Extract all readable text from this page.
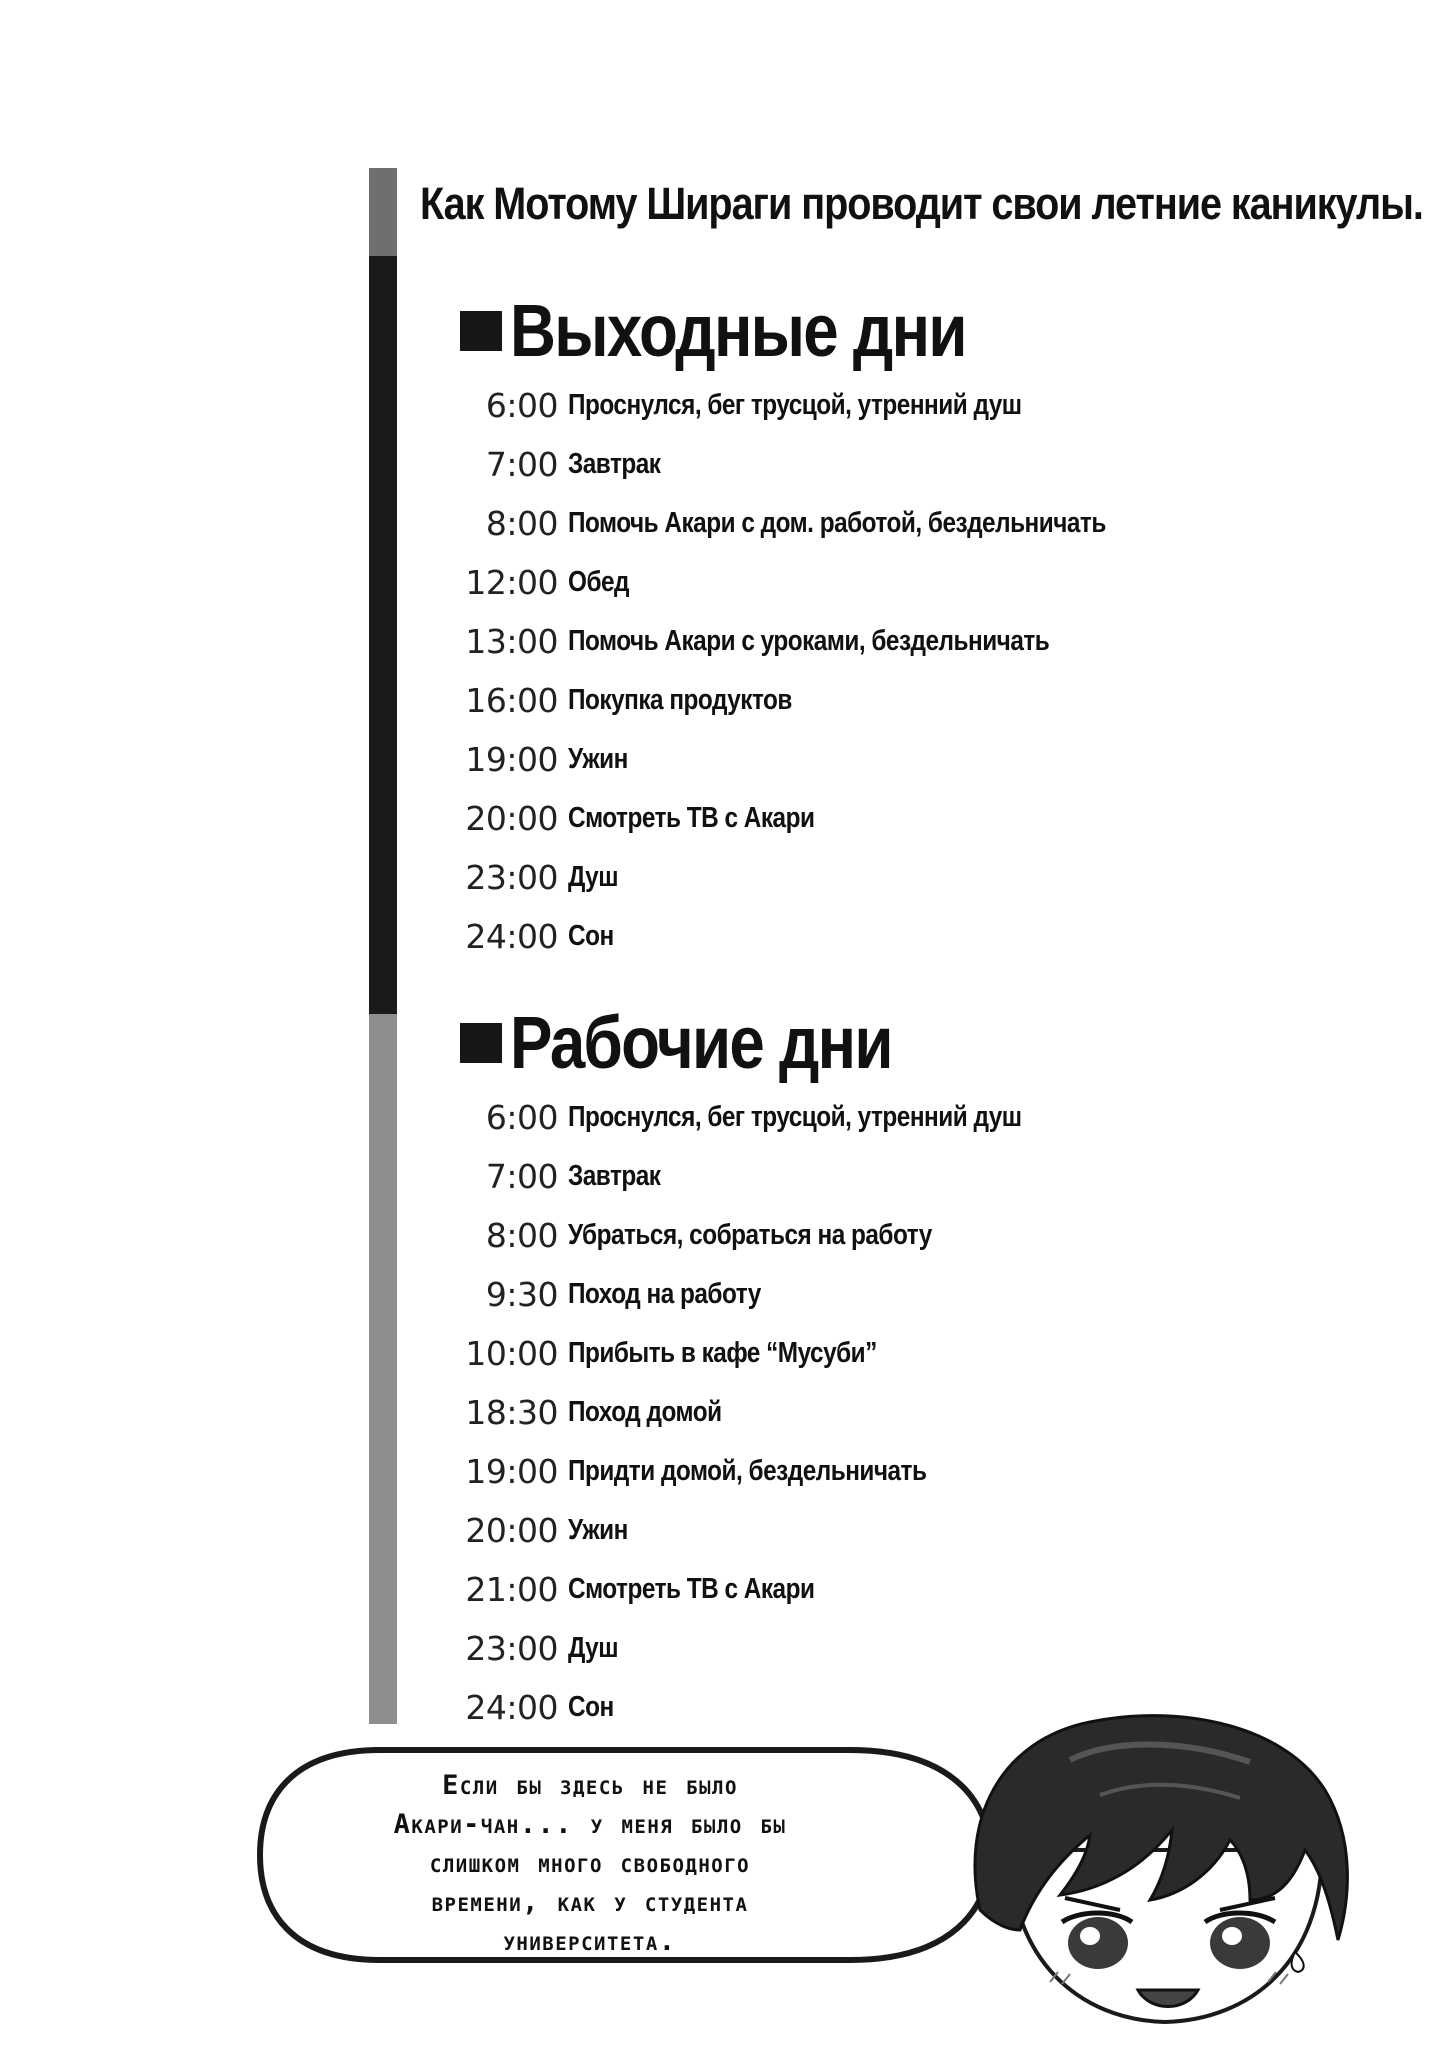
Как Мотому Шираги проводит свои летние каникулы.
Выходные дни
6:00 Проснулся, бег трусцой, утренний душ
7:00 Завтрак
8:00 Помочь Акари с дом. работой, бездельничать
12:00 Обед
13:00 Помочь Акари с уроками, бездельничать
16:00 Покупка продуктов
19:00 Ужин
20:00 Смотреть ТВ с Акари
23:00 Душ
24:00 Сон
Рабочие дни
6:00 Проснулся, бег трусцой, утренний душ
7:00 Завтрак
8:00 Убраться, собраться на работу
9:30 Поход на работу
10:00 Прибыть в кафе “Мусуби”
18:30 Поход домой
19:00 Придти домой, бездельничать
20:00 Ужин
21:00 Смотреть ТВ с Акари
23:00 Душ
24:00 Сон
Если бы здесь не было
Акари-чан... у меня было бы
слишком много свободного
времени, как у студента
университета.
